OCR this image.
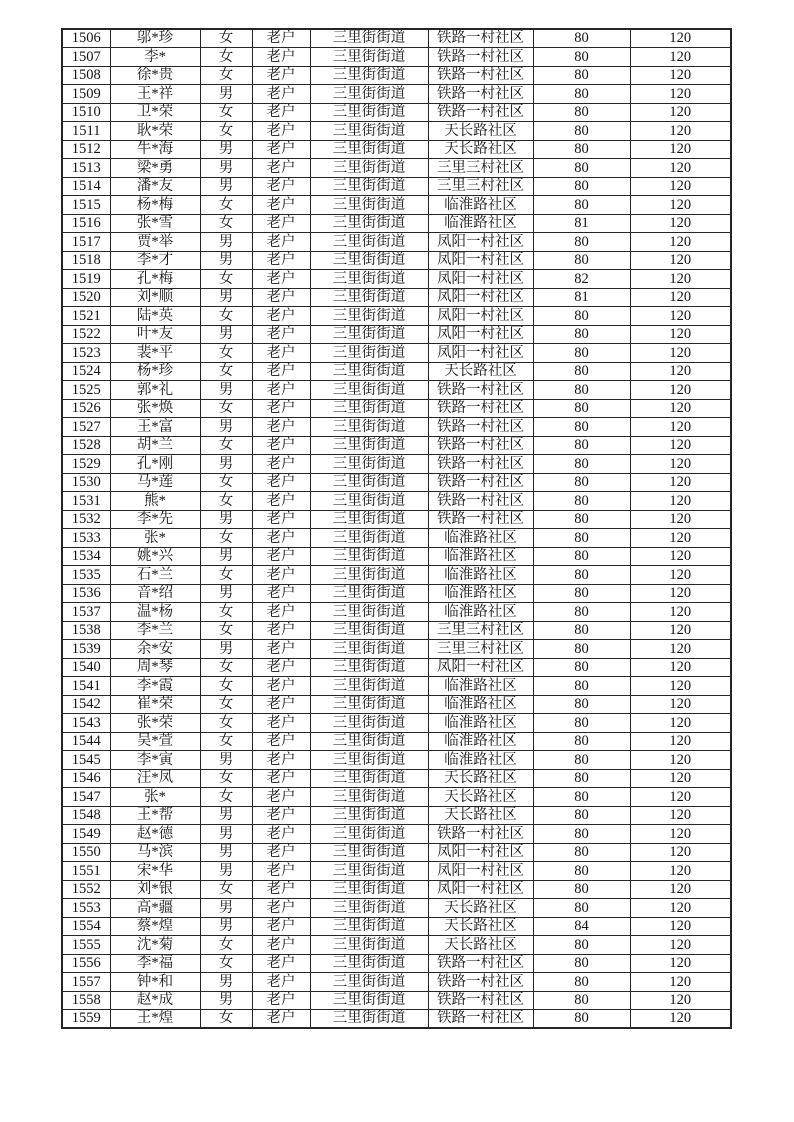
1506	邬*珍	女	老户	三里街街道	铁路一村社区	80	120
1507	李*	女	老户	三里街街道	铁路一村社区	80	120
1508	徐*贵	女	老户	三里街街道	铁路一村社区	80	120
1509	王*祥	男	老户	三里街街道	铁路一村社区	80	120
1510	卫*荣	女	老户	三里街街道	铁路一村社区	80	120
1511	耿*荣	女	老户	三里街街道	天长路社区	80	120
1512	牛*海	男	老户	三里街街道	天长路社区	80	120
1513	梁*勇	男	老户	三里街街道	三里三村社区	80	120
1514	潘*友	男	老户	三里街街道	三里三村社区	80	120
1515	杨*梅	女	老户	三里街街道	临淮路社区	80	120
1516	张*雪	女	老户	三里街街道	临淮路社区	81	120
1517	贾*举	男	老户	三里街街道	凤阳一村社区	80	120
1518	李*才	男	老户	三里街街道	凤阳一村社区	80	120
1519	孔*梅	女	老户	三里街街道	凤阳一村社区	82	120
1520	刘*顺	男	老户	三里街街道	凤阳一村社区	81	120
1521	陆*英	女	老户	三里街街道	凤阳一村社区	80	120
1522	叶*友	男	老户	三里街街道	凤阳一村社区	80	120
1523	裴*平	女	老户	三里街街道	凤阳一村社区	80	120
1524	杨*珍	女	老户	三里街街道	天长路社区	80	120
1525	郭*礼	男	老户	三里街街道	铁路一村社区	80	120
1526	张*焕	女	老户	三里街街道	铁路一村社区	80	120
1527	王*富	男	老户	三里街街道	铁路一村社区	80	120
1528	胡*兰	女	老户	三里街街道	铁路一村社区	80	120
1529	孔*刚	男	老户	三里街街道	铁路一村社区	80	120
1530	马*莲	女	老户	三里街街道	铁路一村社区	80	120
1531	熊*	女	老户	三里街街道	铁路一村社区	80	120
1532	李*先	男	老户	三里街街道	铁路一村社区	80	120
1533	张*	女	老户	三里街街道	临淮路社区	80	120
1534	姚*兴	男	老户	三里街街道	临淮路社区	80	120
1535	石*兰	女	老户	三里街街道	临淮路社区	80	120
1536	音*绍	男	老户	三里街街道	临淮路社区	80	120
1537	温*杨	女	老户	三里街街道	临淮路社区	80	120
1538	李*兰	女	老户	三里街街道	三里三村社区	80	120
1539	余*安	男	老户	三里街街道	三里三村社区	80	120
1540	周*琴	女	老户	三里街街道	凤阳一村社区	80	120
1541	李*霞	女	老户	三里街街道	临淮路社区	80	120
1542	崔*荣	女	老户	三里街街道	临淮路社区	80	120
1543	张*荣	女	老户	三里街街道	临淮路社区	80	120
1544	吴*萱	女	老户	三里街街道	临淮路社区	80	120
1545	李*寅	男	老户	三里街街道	临淮路社区	80	120
1546	汪*凤	女	老户	三里街街道	天长路社区	80	120
1547	张*	女	老户	三里街街道	天长路社区	80	120
1548	王*帮	男	老户	三里街街道	天长路社区	80	120
1549	赵*德	男	老户	三里街街道	铁路一村社区	80	120
1550	马*滨	男	老户	三里街街道	凤阳一村社区	80	120
1551	宋*华	男	老户	三里街街道	凤阳一村社区	80	120
1552	刘*银	女	老户	三里街街道	凤阳一村社区	80	120
1553	高*疆	男	老户	三里街街道	天长路社区	80	120
1554	蔡*煌	男	老户	三里街街道	天长路社区	84	120
1555	沈*菊	女	老户	三里街街道	天长路社区	80	120
1556	李*福	女	老户	三里街街道	铁路一村社区	80	120
1557	钟*和	男	老户	三里街街道	铁路一村社区	80	120
1558	赵*成	男	老户	三里街街道	铁路一村社区	80	120
1559	王*煌	女	老户	三里街街道	铁路一村社区	80	120
